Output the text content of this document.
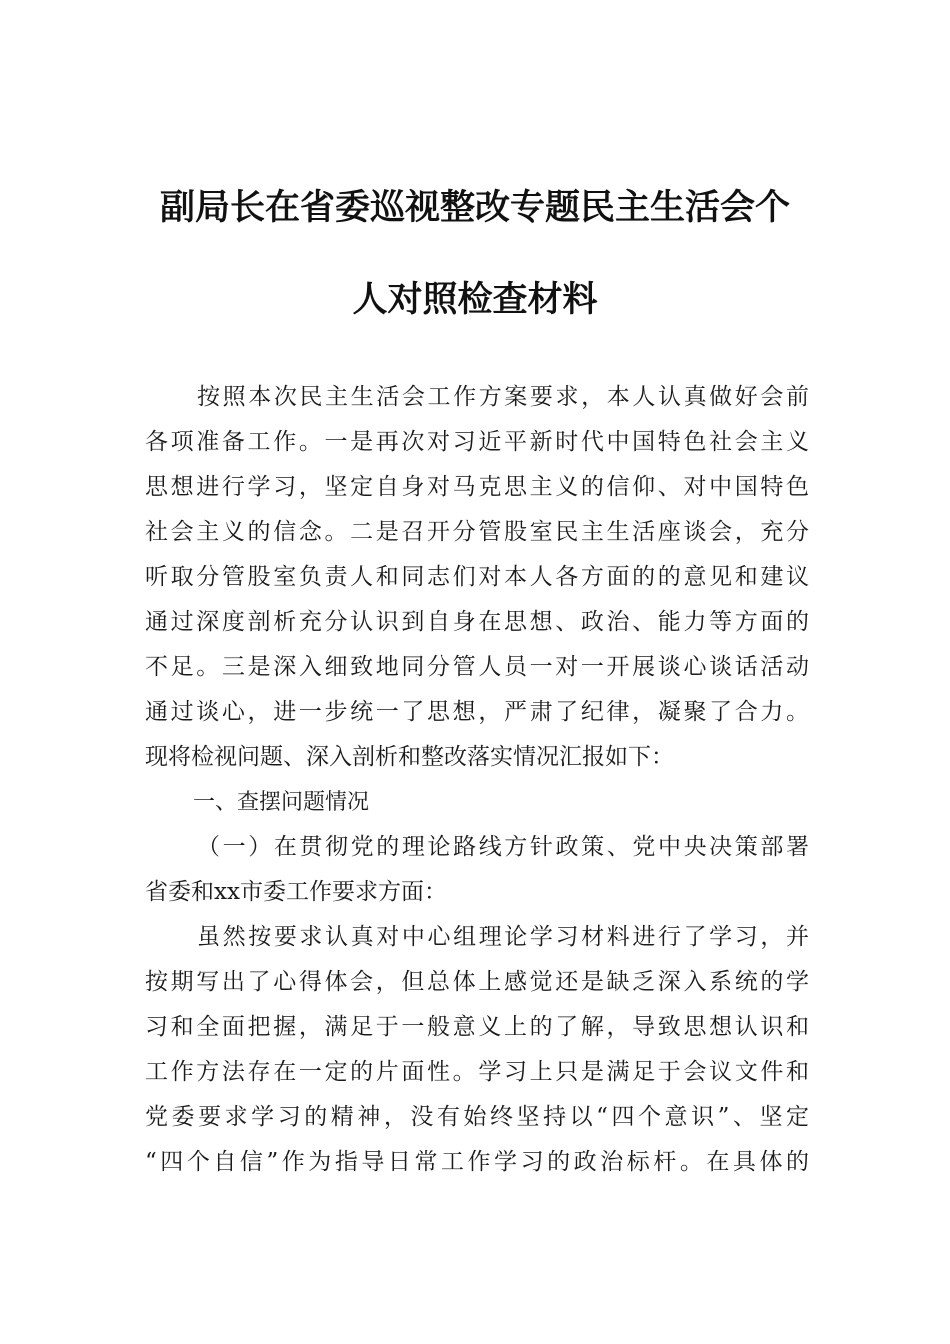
副局长在省委巡视整改专题民主生活会个
人对照检查材料
按照本次民主生活会工作方案要求，本人认真做好会前
各项准备工作。一是再次对习近平新时代中国特色社会主义
思想进行学习，坚定自身对马克思主义的信仰、对中国特色
社会主义的信念。二是召开分管股室民主生活座谈会，充分
听取分管股室负责人和同志们对本人各方面的的意见和建议
通过深度剖析充分认识到自身在思想、政治、能力等方面的
不足。三是深入细致地同分管人员一对一开展谈心谈话活动
通过谈心，进一步统一了思想，严肃了纪律，凝聚了合力。
现将检视问题、深入剖析和整改落实情况汇报如下：
一、查摆问题情况
（一）在贯彻党的理论路线方针政策、党中央决策部署
省委和xx市委工作要求方面：
虽然按要求认真对中心组理论学习材料进行了学习，并
按期写出了心得体会，但总体上感觉还是缺乏深入系统的学
习和全面把握，满足于一般意义上的了解，导致思想认识和
工作方法存在一定的片面性。学习上只是满足于会议文件和
党委要求学习的精神，没有始终坚持以“四个意识”、坚定
“四个自信”作为指导日常工作学习的政治标杆。在具体的
